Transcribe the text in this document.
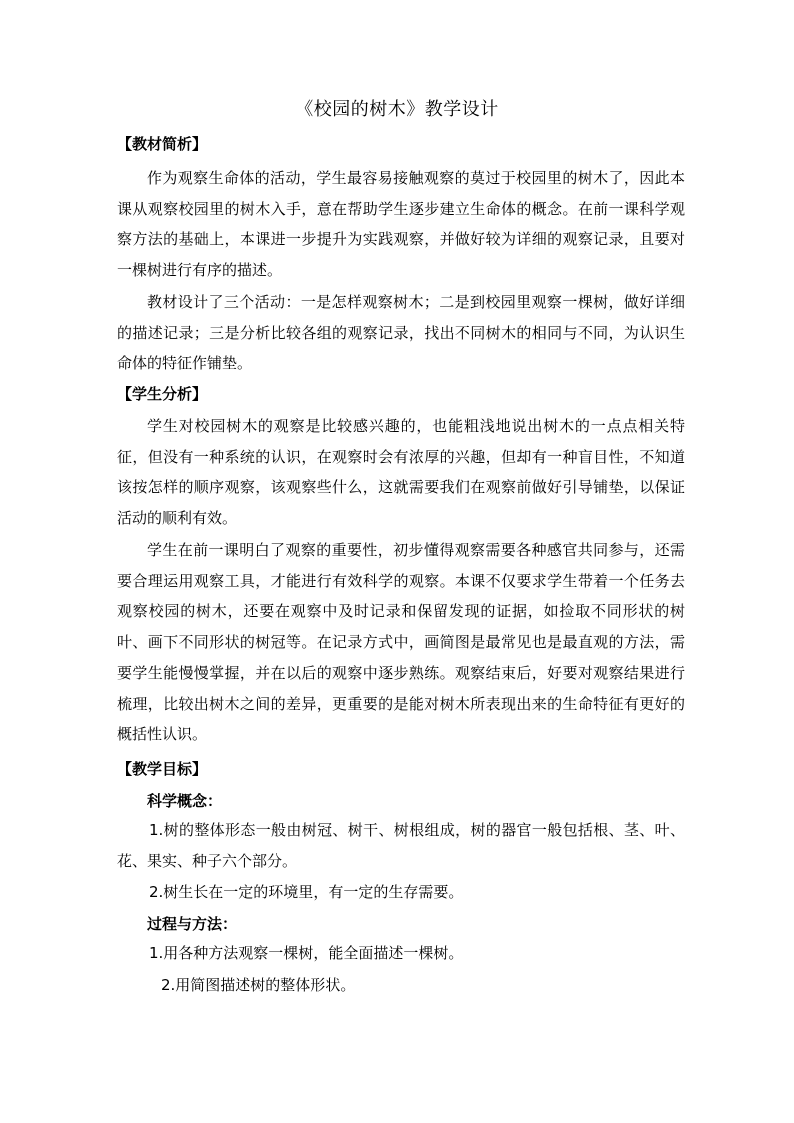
《校园的树木》教学设计
【教材简析】
作为观察生命体的活动，学生最容易接触观察的莫过于校园里的树木了，因此本课从观察校园里的树木入手，意在帮助学生逐步建立生命体的概念。在前一课科学观察方法的基础上，本课进一步提升为实践观察，并做好较为详细的观察记录，且要对一棵树进行有序的描述。
教材设计了三个活动：一是怎样观察树木；二是到校园里观察一棵树，做好详细的描述记录；三是分析比较各组的观察记录，找出不同树木的相同与不同，为认识生命体的特征作铺垫。
【学生分析】
学生对校园树木的观察是比较感兴趣的，也能粗浅地说出树木的一点点相关特征，但没有一种系统的认识，在观察时会有浓厚的兴趣，但却有一种盲目性，不知道该按怎样的顺序观察，该观察些什么，这就需要我们在观察前做好引导铺垫，以保证活动的顺利有效。
学生在前一课明白了观察的重要性，初步懂得观察需要各种感官共同参与，还需要合理运用观察工具，才能进行有效科学的观察。本课不仅要求学生带着一个任务去观察校园的树木，还要在观察中及时记录和保留发现的证据，如捡取不同形状的树叶、画下不同形状的树冠等。在记录方式中，画简图是最常见也是最直观的方法，需要学生能慢慢掌握，并在以后的观察中逐步熟练。观察结束后，好要对观察结果进行梳理，比较出树木之间的差异，更重要的是能对树木所表现出来的生命特征有更好的概括性认识。
【教学目标】
科学概念：
1.树的整体形态一般由树冠、树干、树根组成，树的器官一般包括根、茎、叶、花、果实、种子六个部分。
2.树生长在一定的环境里，有一定的生存需要。
过程与方法：
1.用各种方法观察一棵树，能全面描述一棵树。
2.用简图描述树的整体形状。
